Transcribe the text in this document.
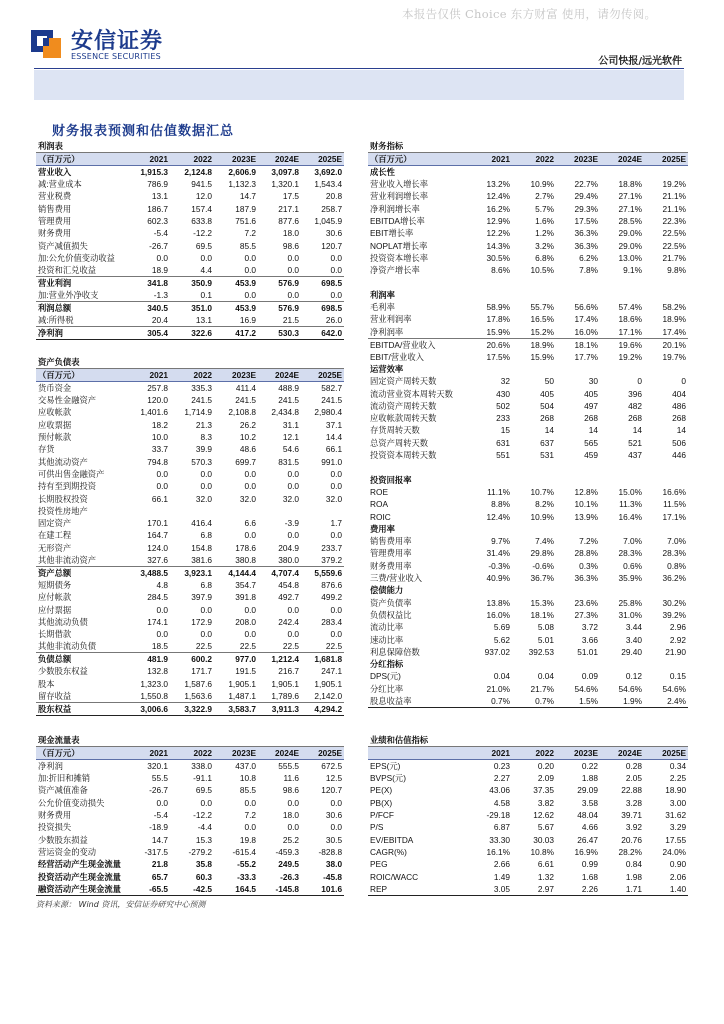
本报告仅供 Choice 东方财富 使用，请勿传阅。
安信证券
ESSENCE SECURITIES	公司快报/远光软件
财务报表预测和估值数据汇总
利润表					
（百万元）	2021	2022	2023E	2024E	2025E
营业收入	1,915.3	2,124.8	2,606.9	3,097.8	3,692.0
减:营业成本	786.9	941.5	1,132.3	1,320.1	1,543.4
营业税费	13.1	12.0	14.7	17.5	20.8
销售费用	186.7	157.4	187.9	217.1	258.7
管理费用	602.3	633.8	751.6	877.6	1,045.9
财务费用	-5.4	-12.2	7.2	18.0	30.6
资产减值损失	-26.7	69.5	85.5	98.6	120.7
加:公允价值变动收益	0.0	0.0	0.0	0.0	0.0
投资和汇兑收益	18.9	4.4	0.0	0.0	0.0
营业利润	341.8	350.9	453.9	576.9	698.5
加:营业外净收支	-1.3	0.1	0.0	0.0	0.0
利润总额	340.5	351.0	453.9	576.9	698.5
减:所得税	20.4	13.1	16.9	21.5	26.0
净利润	305.4	322.6	417.2	530.3	642.0
资产负债表					
（百万元）	2021	2022	2023E	2024E	2025E
货币资金	257.8	335.3	411.4	488.9	582.7
交易性金融资产	120.0	241.5	241.5	241.5	241.5
应收帐款	1,401.6	1,714.9	2,108.8	2,434.8	2,980.4
应收票据	18.2	21.3	26.2	31.1	37.1
预付帐款	10.0	8.3	10.2	12.1	14.4
存货	33.7	39.9	48.6	54.6	66.1
其他流动资产	794.8	570.3	699.7	831.5	991.0
可供出售金融资产	0.0	0.0	0.0	0.0	0.0
持有至到期投资	0.0	0.0	0.0	0.0	0.0
长期股权投资	66.1	32.0	32.0	32.0	32.0
投资性房地产					
固定资产	170.1	416.4	6.6	-3.9	1.7
在建工程	164.7	6.8	0.0	0.0	0.0
无形资产	124.0	154.8	178.6	204.9	233.7
其他非流动资产	327.6	381.6	380.8	380.0	379.2
资产总额	3,488.5	3,923.1	4,144.4	4,707.4	5,559.6
短期债务	4.8	6.8	354.7	454.8	876.6
应付帐款	284.5	397.9	391.8	492.7	499.2
应付票据	0.0	0.0	0.0	0.0	0.0
其他流动负债	174.1	172.9	208.0	242.4	283.4
长期借款	0.0	0.0	0.0	0.0	0.0
其他非流动负债	18.5	22.5	22.5	22.5	22.5
负债总额	481.9	600.2	977.0	1,212.4	1,681.8
少数股东权益	132.8	171.7	191.5	216.7	247.1
股本	1,323.0	1,587.6	1,905.1	1,905.1	1,905.1
留存收益	1,550.8	1,563.6	1,487.1	1,789.6	2,142.0
股东权益	3,006.6	3,322.9	3,583.7	3,911.3	4,294.2
现金流量表					
（百万元）	2021	2022	2023E	2024E	2025E
净利润	320.1	338.0	437.0	555.5	672.5
加:折旧和摊销	55.5	-91.1	10.8	11.6	12.5
资产减值准备	-26.7	69.5	85.5	98.6	120.7
公允价值变动损失	0.0	0.0	0.0	0.0	0.0
财务费用	-5.4	-12.2	7.2	18.0	30.6
投资损失	-18.9	-4.4	0.0	0.0	0.0
少数股东损益	14.7	15.3	19.8	25.2	30.5
营运资金的变动	-317.5	-279.2	-615.4	-459.3	-828.8
经营活动产生现金流量	21.8	35.8	-55.2	249.5	38.0
投资活动产生现金流量	65.7	60.3	-33.3	-26.3	-45.8
融资活动产生现金流量	-65.5	-42.5	164.5	-145.8	101.6
财务指标					
（百万元）	2021	2022	2023E	2024E	2025E
成长性					
营业收入增长率	13.2%	10.9%	22.7%	18.8%	19.2%
营业利润增长率	12.4%	2.7%	29.4%	27.1%	21.1%
净利润增长率	16.2%	5.7%	29.3%	27.1%	21.1%
EBITDA增长率	12.9%	1.6%	17.5%	28.5%	22.3%
EBIT增长率	12.2%	1.2%	36.3%	29.0%	22.5%
NOPLAT增长率	14.3%	3.2%	36.3%	29.0%	22.5%
投资资本增长率	30.5%	6.8%	6.2%	13.0%	21.7%
净资产增长率	8.6%	10.5%	7.8%	9.1%	9.8%

利润率					
毛利率	58.9%	55.7%	56.6%	57.4%	58.2%
营业利润率	17.8%	16.5%	17.4%	18.6%	18.9%
净利润率	15.9%	15.2%	16.0%	17.1%	17.4%
EBITDA/营业收入	20.6%	18.9%	18.1%	19.6%	20.1%
EBIT/营业收入	17.5%	15.9%	17.7%	19.2%	19.7%
运营效率					
固定资产周转天数	32	50	30	0	0
流动营业资本周转天数	430	405	405	396	404
流动资产周转天数	502	504	497	482	486
应收帐款周转天数	233	268	268	268	268
存货周转天数	15	14	14	14	14
总资产周转天数	631	637	565	521	506
投资资本周转天数	551	531	459	437	446

投资回报率					
ROE	11.1%	10.7%	12.8%	15.0%	16.6%
ROA	8.8%	8.2%	10.1%	11.3%	11.5%
ROIC	12.4%	10.9%	13.9%	16.4%	17.1%
费用率					
销售费用率	9.7%	7.4%	7.2%	7.0%	7.0%
管理费用率	31.4%	29.8%	28.8%	28.3%	28.3%
财务费用率	-0.3%	-0.6%	0.3%	0.6%	0.8%
三费/营业收入	40.9%	36.7%	36.3%	35.9%	36.2%
偿债能力					
资产负债率	13.8%	15.3%	23.6%	25.8%	30.2%
负债权益比	16.0%	18.1%	27.3%	31.0%	39.2%
流动比率	5.69	5.08	3.72	3.44	2.96
速动比率	5.62	5.01	3.66	3.40	2.92
利息保障倍数	937.02	392.53	51.01	29.40	21.90
分红指标					
DPS(元)	0.04	0.04	0.09	0.12	0.15
分红比率	21.0%	21.7%	54.6%	54.6%	54.6%
股息收益率	0.7%	0.7%	1.5%	1.9%	2.4%
业绩和估值指标					
	2021	2022	2023E	2024E	2025E
EPS(元)	0.23	0.20	0.22	0.28	0.34
BVPS(元)	2.27	2.09	1.88	2.05	2.25
PE(X)	43.06	37.35	29.09	22.88	18.90
PB(X)	4.58	3.82	3.58	3.28	3.00
P/FCF	-29.18	12.62	48.04	39.71	31.62
P/S	6.87	5.67	4.66	3.92	3.29
EV/EBITDA	33.30	30.03	26.47	20.76	17.55
CAGR(%)	16.1%	10.8%	16.9%	28.2%	24.0%
PEG	2.66	6.61	0.99	0.84	0.90
ROIC/WACC	1.49	1.32	1.68	1.98	2.06
REP	3.05	2.97	2.26	1.71	1.40
资料来源： Wind 资讯，安信证券研究中心预测
